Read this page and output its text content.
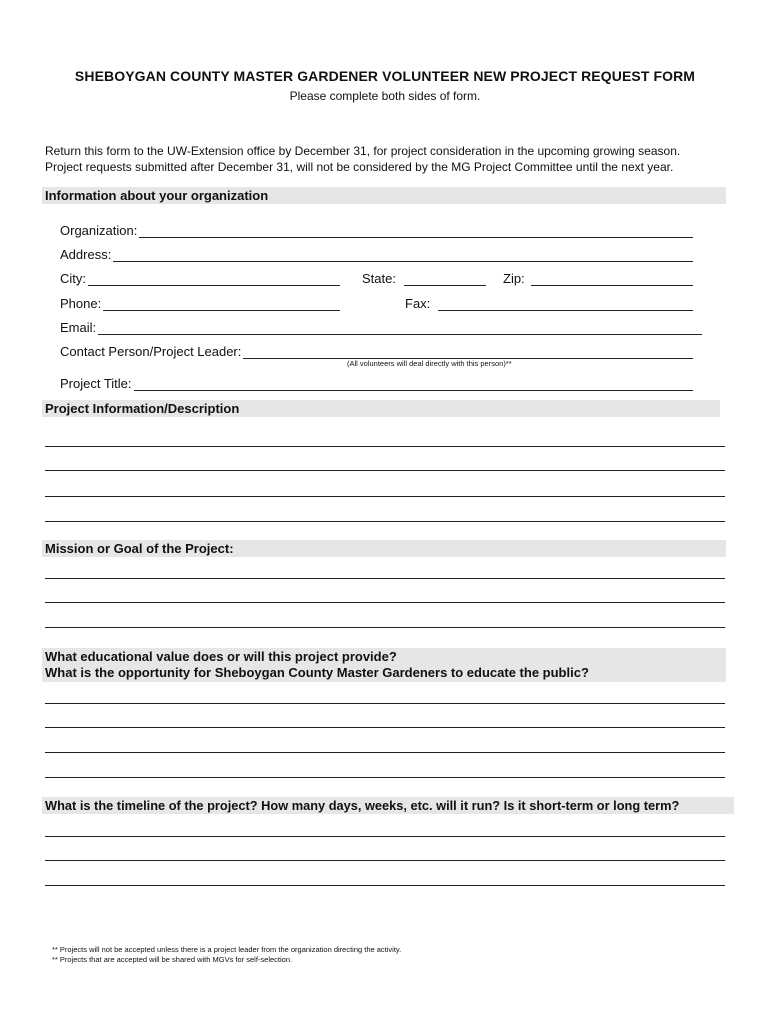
SHEBOYGAN COUNTY MASTER GARDENER VOLUNTEER NEW PROJECT REQUEST FORM
Please complete both sides of form.
Return this form to the UW-Extension office by December 31, for project consideration in the upcoming growing season.
Project requests submitted after December 31, will not be considered by the MG Project Committee until the next year.
Information about your organization
Organization:
Address:
City:	State:	Zip:
Phone:	Fax:
Email:
Contact Person/Project Leader:
(All volunteers will deal directly with this person)**
Project Title:
Project Information/Description
Mission or Goal of the Project:
What educational value does or will this project provide?
What is the opportunity for Sheboygan County Master Gardeners to educate the public?
What is the timeline of the project? How many days, weeks, etc. will it run? Is it short-term or long term?
** Projects will not be accepted unless there is a project leader from the organization directing the activity.
** Projects that are accepted will be shared with MGVs for self-selection.
